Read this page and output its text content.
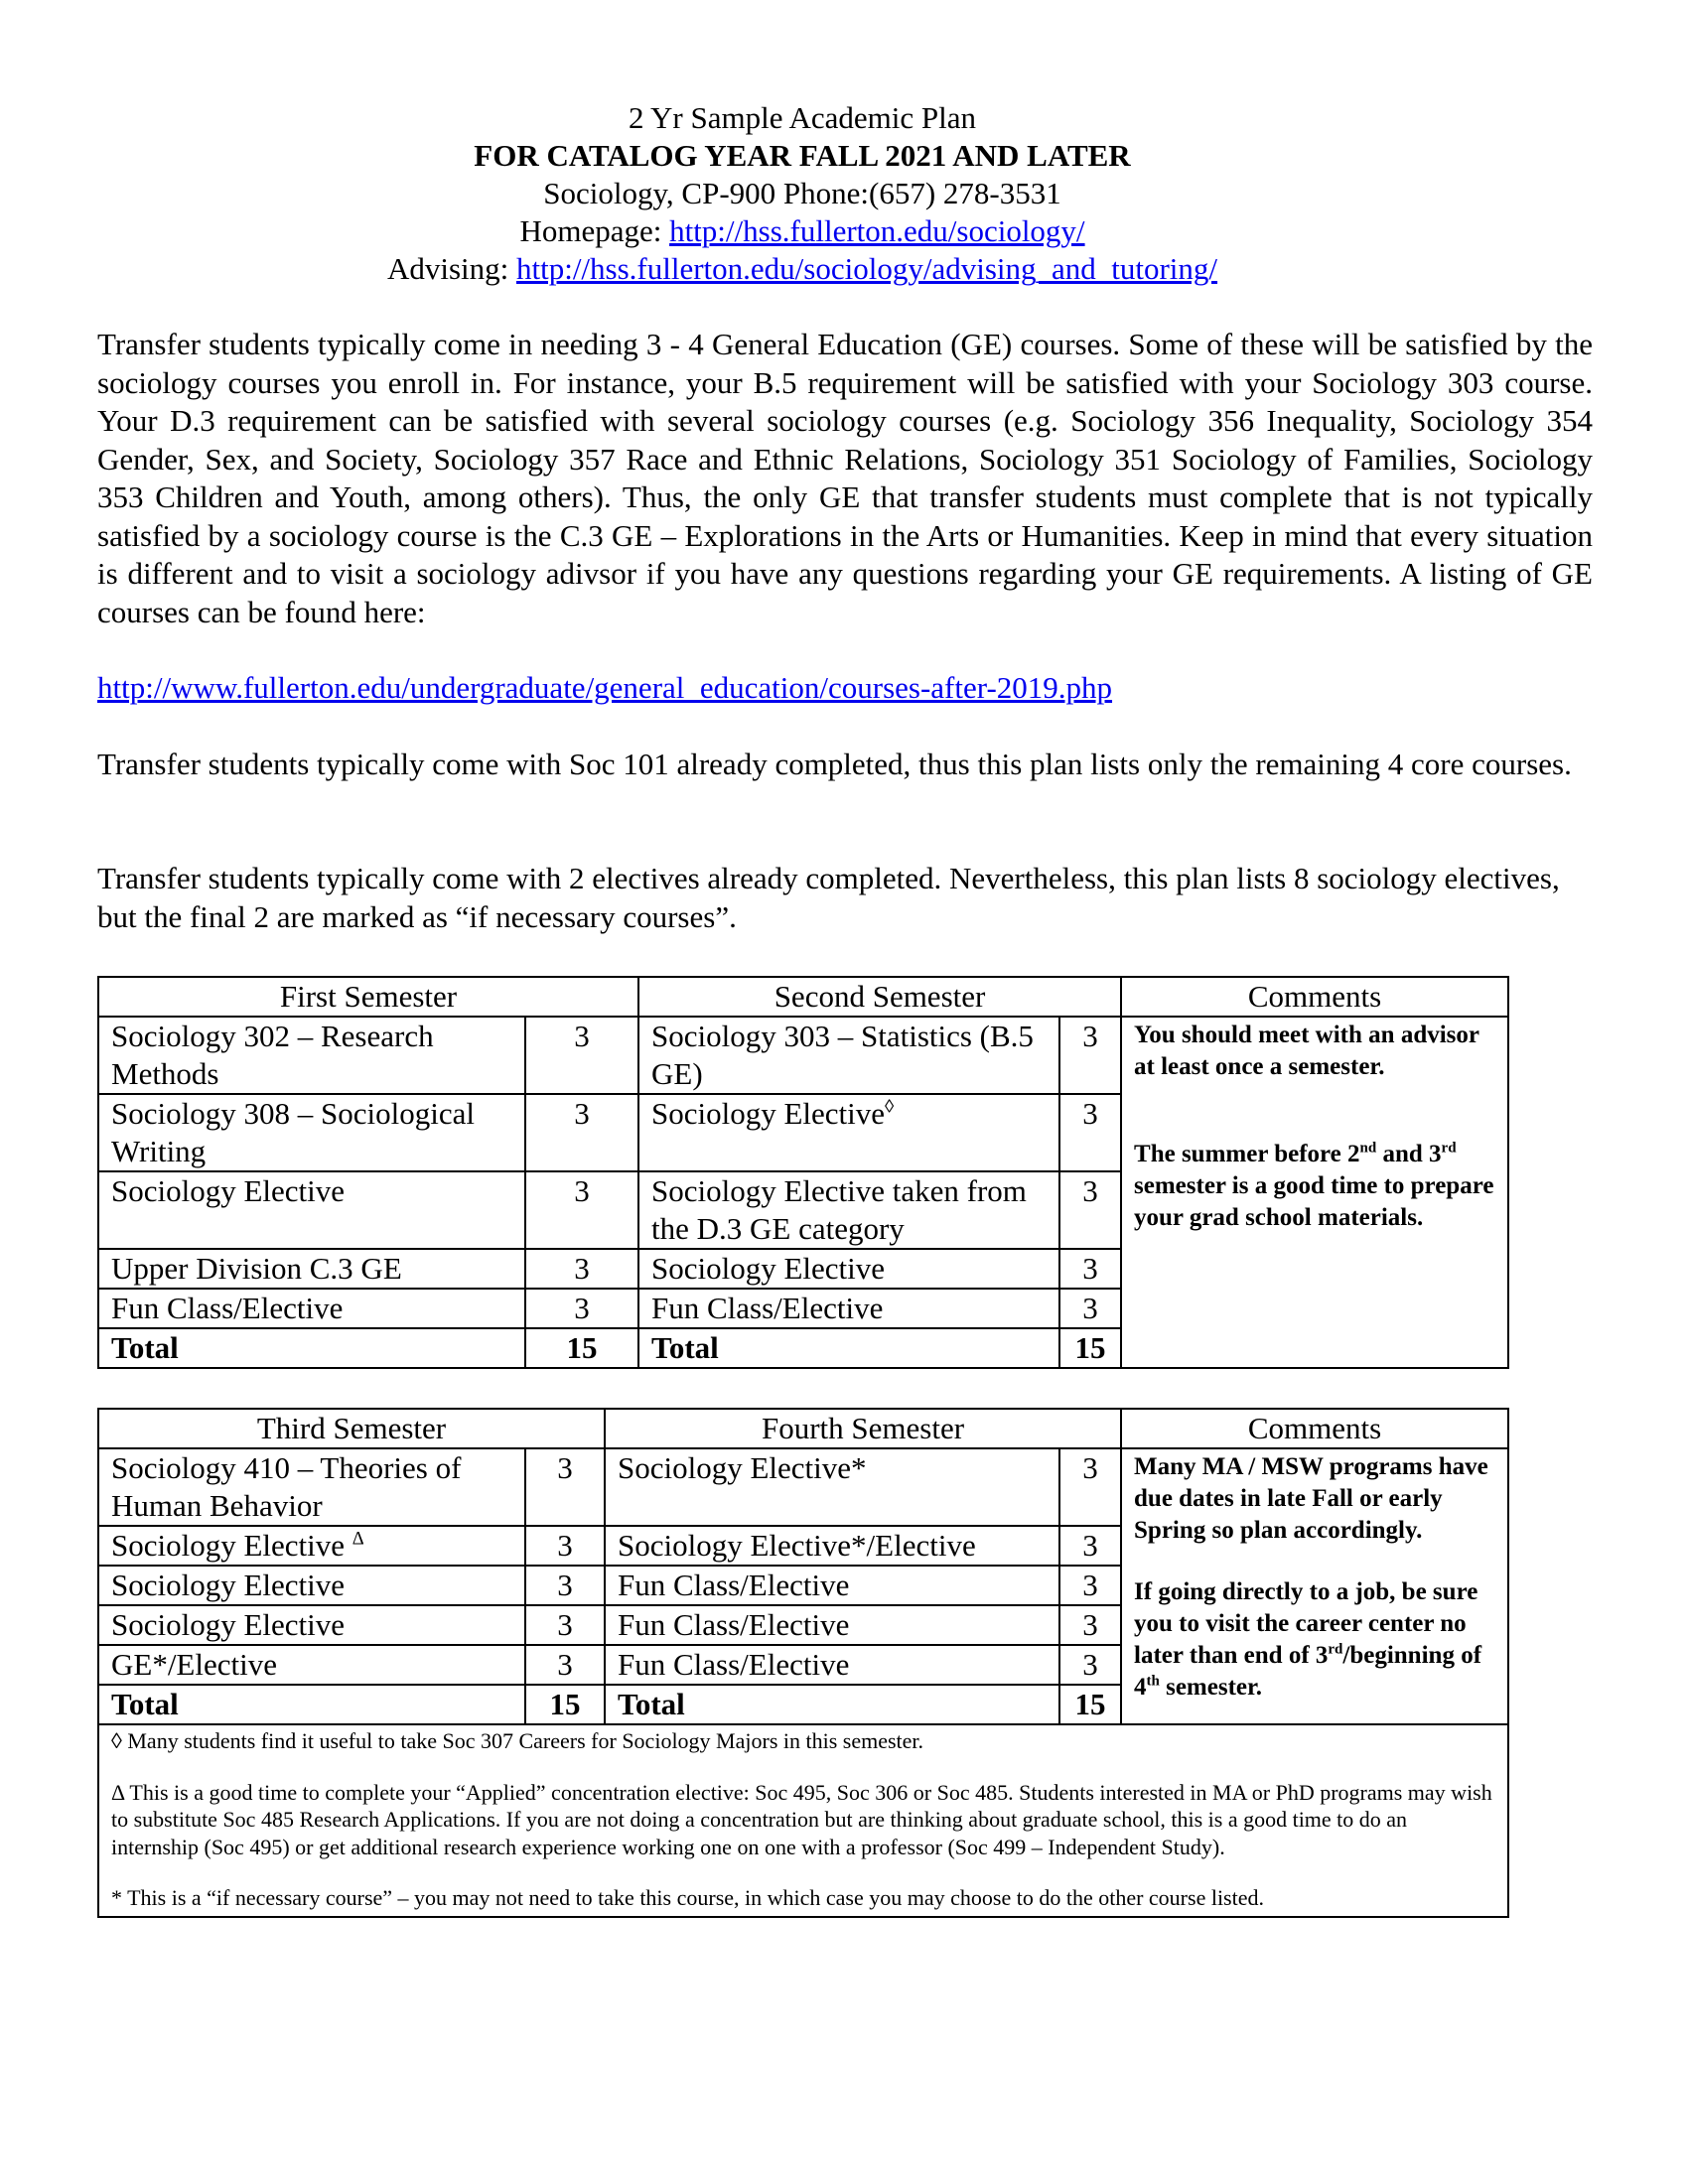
2 Yr Sample Academic Plan
FOR CATALOG YEAR FALL 2021 AND LATER
Sociology, CP-900 Phone:(657) 278-3531
Homepage: http://hss.fullerton.edu/sociology/
Advising: http://hss.fullerton.edu/sociology/advising_and_tutoring/
Transfer students typically come in needing 3 - 4 General Education (GE) courses. Some of these will be satisfied by the sociology courses you enroll in. For instance, your B.5 requirement will be satisfied with your Sociology 303 course. Your D.3 requirement can be satisfied with several sociology courses (e.g. Sociology 356 Inequality, Sociology 354 Gender, Sex, and Society, Sociology 357 Race and Ethnic Relations, Sociology 351 Sociology of Families, Sociology 353 Children and Youth, among others). Thus, the only GE that transfer students must complete that is not typically satisfied by a sociology course is the C.3 GE – Explorations in the Arts or Humanities. Keep in mind that every situation is different and to visit a sociology adivsor if you have any questions regarding your GE requirements. A listing of GE courses can be found here:
http://www.fullerton.edu/undergraduate/general_education/courses-after-2019.php
Transfer students typically come with Soc 101 already completed, thus this plan lists only the remaining 4 core courses.
Transfer students typically come with 2 electives already completed. Nevertheless, this plan lists 8 sociology electives, but the final 2 are marked as “if necessary courses”.
First Semester		Second Semester		Comments
Sociology 302 – Research Methods	3	Sociology 303 – Statistics (B.5 GE)	3	You should meet with an advisor at least once a semester.
The summer before 2nd and 3rd semester is a good time to prepare your grad school materials.

Sociology 308 – Sociological Writing	3	Sociology Elective◊	3	
Sociology Elective	3	Sociology Elective taken from the D.3 GE category	3	
Upper Division C.3 GE	3	Sociology Elective	3	
Fun Class/Elective	3	Fun Class/Elective	3	
Total	15	Total	15	
Third Semester		Fourth Semester		Comments
Sociology 410 – Theories of Human Behavior	3	Sociology Elective*	3	Many MA / MSW programs have due dates in late Fall or early Spring so plan accordingly.
If going directly to a job, be sure you to visit the career center no later than end of 3rd/beginning of 4th semester.

Sociology Elective $^\Delta$	3	Sociology Elective*/Elective	3	
Sociology Elective	3	Fun Class/Elective	3	
Sociology Elective	3	Fun Class/Elective	3	
GE*/Elective	3	Fun Class/Elective	3	
Total	15	Total	15	

◊ Many students find it useful to take Soc 307 Careers for Sociology Majors in this semester.
Δ This is a good time to complete your “Applied” concentration elective: Soc 495, Soc 306 or Soc 485. Students interested in MA or PhD programs may wish to substitute Soc 485 Research Applications. If you are not doing a concentration but are thinking about graduate school, this is a good time to do an internship (Soc 495) or get additional research experience working one on one with a professor (Soc 499 – Independent Study).
* This is a “if necessary course” – you may not need to take this course, in which case you may choose to do the other course listed.				
